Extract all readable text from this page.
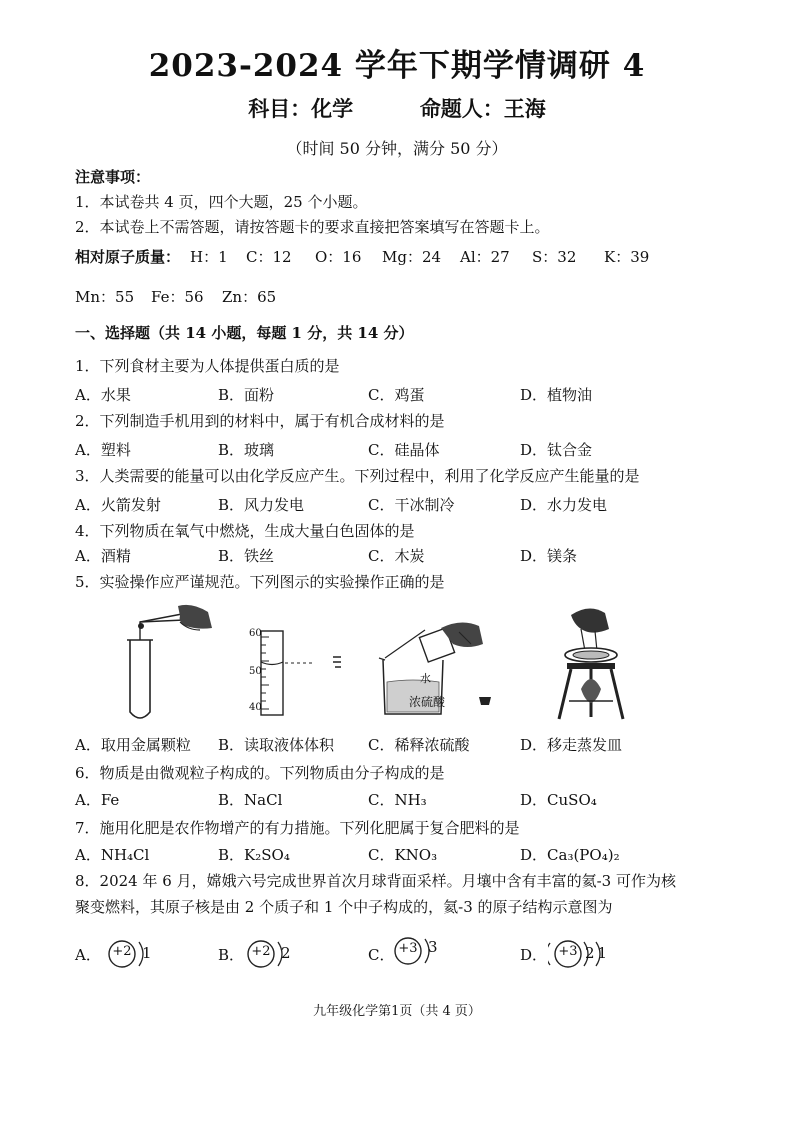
2023-2024 学年下期学情调研 4
科目：化学	命题人：王海
（时间 50 分钟，满分 50 分）
注意事项：
1．本试卷共 4 页，四个大题，25 个小题。
2．本试卷上不需答题，请按答题卡的要求直接把答案填写在答题卡上。
相对原子质量： H：1 C：12 O：16 Mg：24 Al：27 S：32 K：39
Mn：55 Fe：56 Zn：65
一、选择题（共 14 小题，每题 1 分，共 14 分）
1．下列食材主要为人体提供蛋白质的是
A．水果	B．面粉	C．鸡蛋	D．植物油
2．下列制造手机用到的材料中，属于有机合成材料的是
A．塑料	B．玻璃	C．硅晶体	D．钛合金
3．人类需要的能量可以由化学反应产生。下列过程中，利用了化学反应产生能量的是
A．火箭发射	B．风力发电	C．干冰制冷	D．水力发电
4．下列物质在氧气中燃烧，生成大量白色固体的是
A．酒精	B．铁丝	C．木炭	D．镁条
5．实验操作应严谨规范。下列图示的实验操作正确的是
60
50
40
水
浓硫酸
A．取用金属颗粒 B．读取液体体积 C．稀释浓硫酸	D．移走蒸发皿
6．物质是由微观粒子构成的。下列物质由分子构成的是
A．Fe	B．NaCl	C．NH₃	D．CuSO₄
7．施用化肥是农作物增产的有力措施。下列化肥属于复合肥料的是
A．NH₄Cl	B．K₂SO₄	C．KNO₃	D．Ca₃(PO₄)₂
8．2024 年 6 月，嫦娥六号完成世界首次月球背面采样。月壤中含有丰富的氦-3 可作为核
聚变燃料，其原子核是由 2 个质子和 1 个中子构成的，氦-3 的原子结构示意图为
A．	B．	C．	D．
+2 1	+2 2	+3 3	+3 21
九年级化学第1页（共 4 页）
